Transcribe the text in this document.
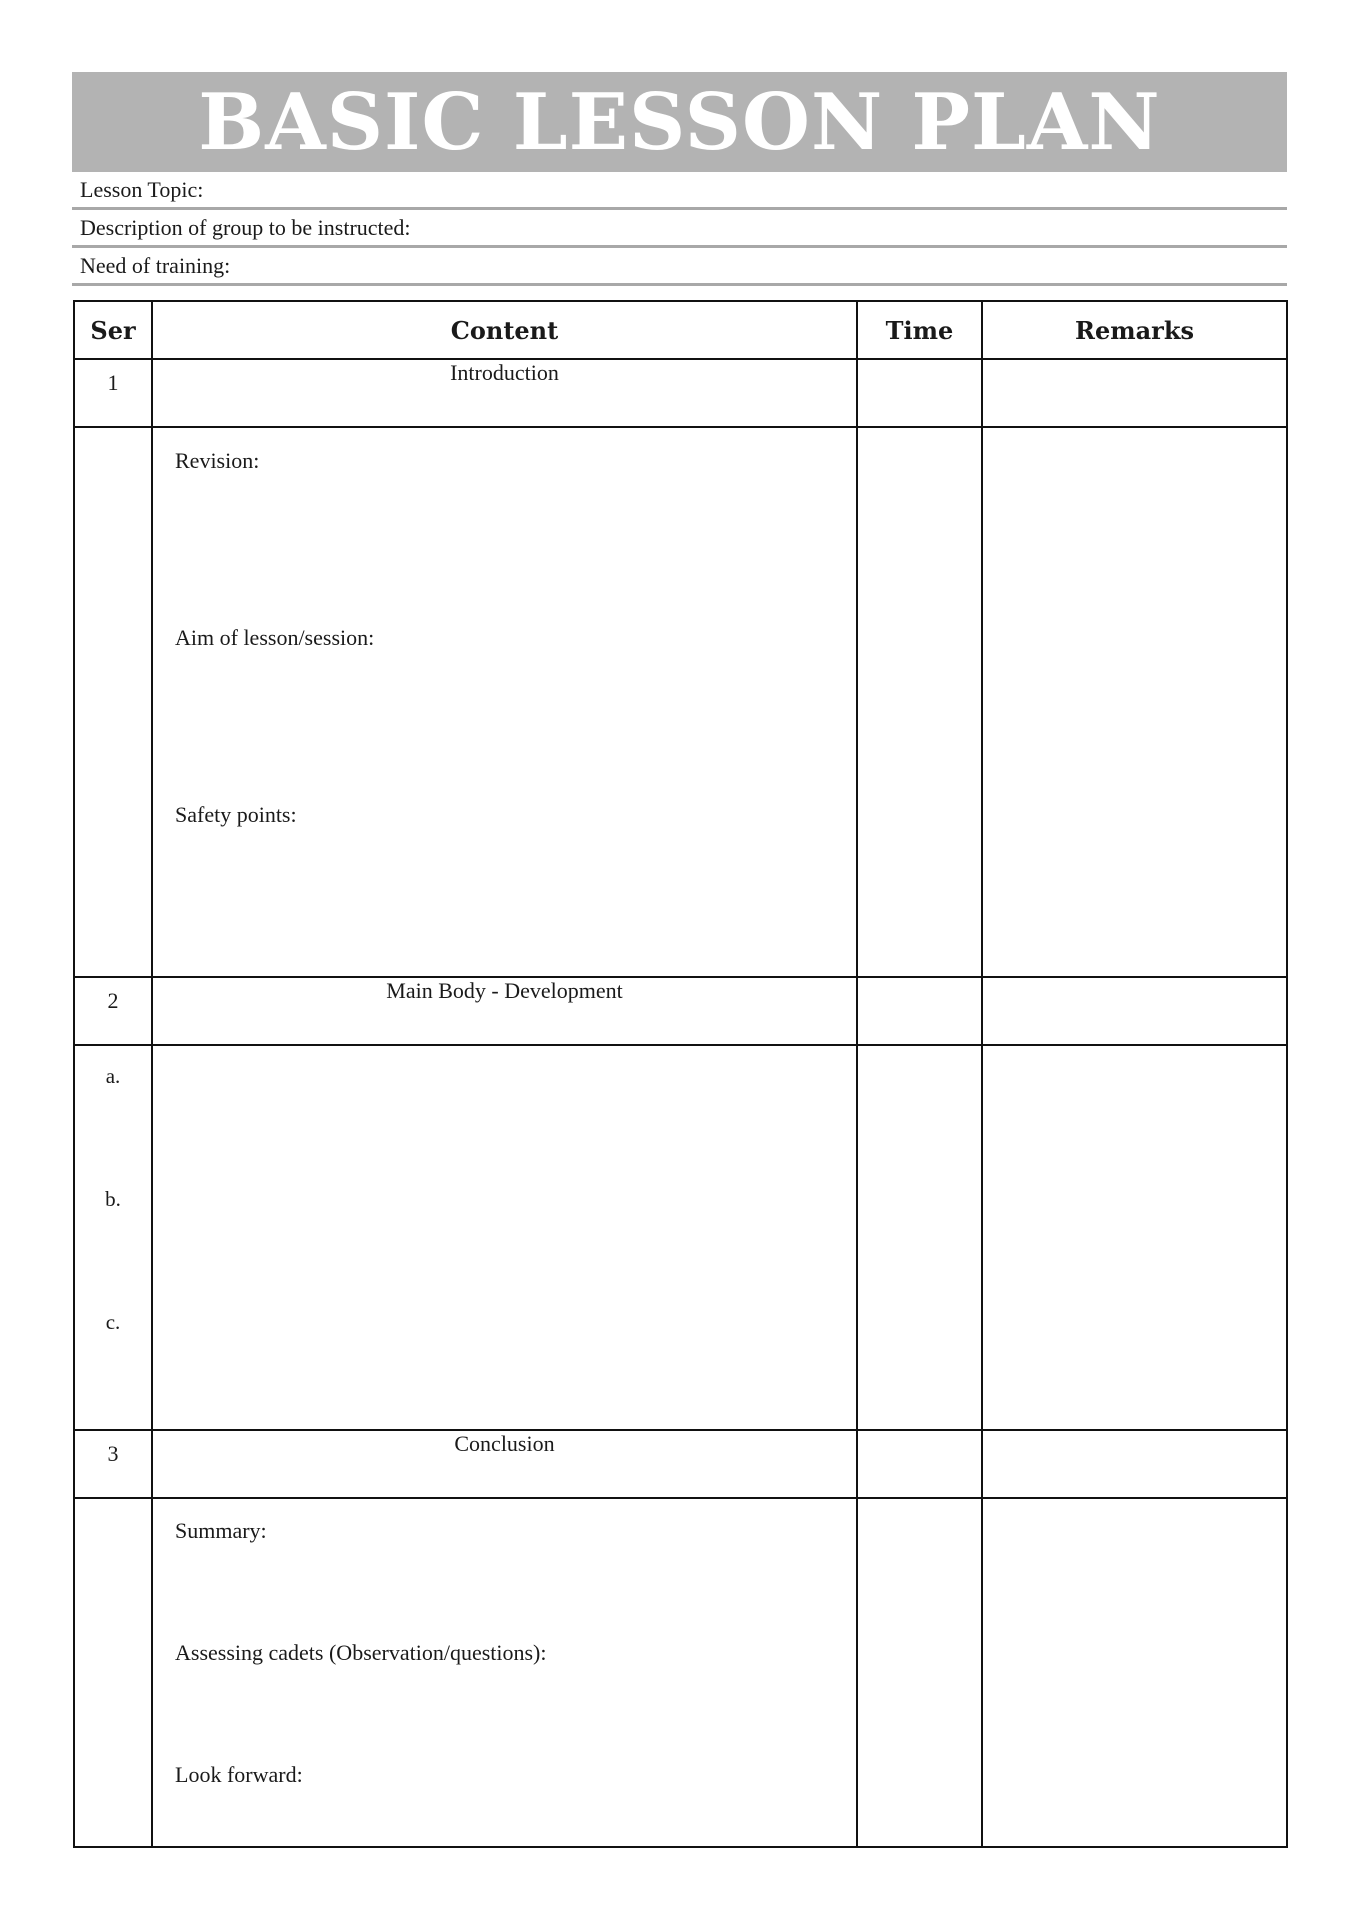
BASIC LESSON PLAN
Lesson Topic:
Description of group to be instructed:
Need of training:
Ser	Content	Time	Remarks
1	Introduction		

	Revision:
Aim of lesson/session:
Safety points:		

2	Main Body - Development		

a.
b.
c.			

3	Conclusion		

	Summary:
Assessing cadets (Observation/questions):
Look forward:		
